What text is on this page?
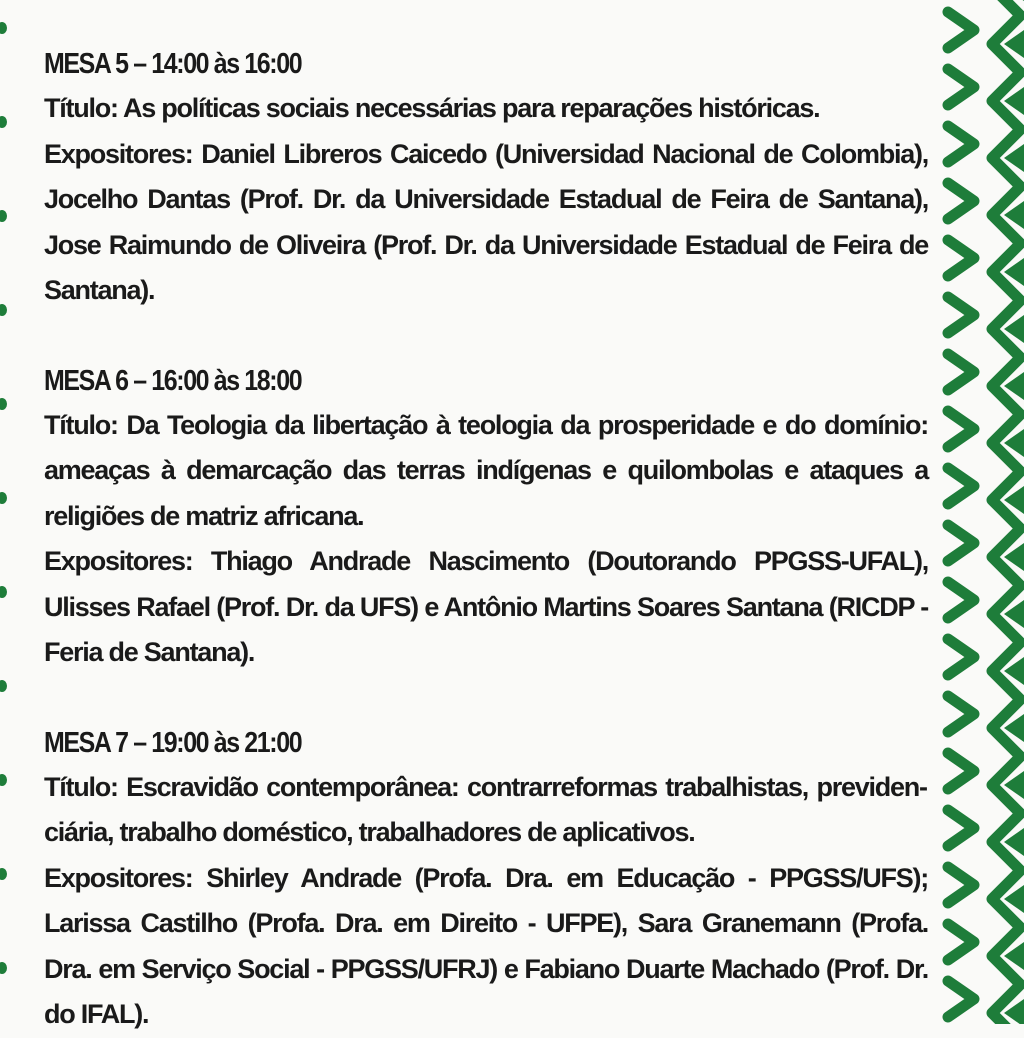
MESA 5 – 14:00 às 16:00

Título: As políticas sociais necessárias para reparações históricas.

Expositores: Daniel Libreros Caicedo (Universidad Nacional de Colombia), Jocelho Dantas (Prof. Dr. da Universidade Estadual de Feira de Santana), Jose Raimundo de Oliveira (Prof. Dr. da Universidade Estadual de Feira de Santana).

MESA 6 – 16:00 às 18:00

Título: Da Teologia da libertação à teologia da prosperidade e do domínio: ameaças à demarcação das terras indígenas e quilombolas e ataques a religiões de matriz africana.

Expositores: Thiago Andrade Nascimento (Doutorando PPGSS-UFAL), Ulisses Rafael (Prof. Dr. da UFS) e Antônio Martins Soares Santana (RICDP - Feria de Santana).

MESA 7 – 19:00 às 21:00

Título: Escravidão contemporânea: contrarreformas trabalhistas, previdenciária, trabalho doméstico, trabalhadores de aplicativos.

Expositores: Shirley Andrade (Profa. Dra. em Educação - PPGSS/UFS); Larissa Castilho (Profa. Dra. em Direito - UFPE), Sara Granemann (Profa. Dra. em Serviço Social - PPGSS/UFRJ) e Fabiano Duarte Machado (Prof. Dr. do IFAL).
